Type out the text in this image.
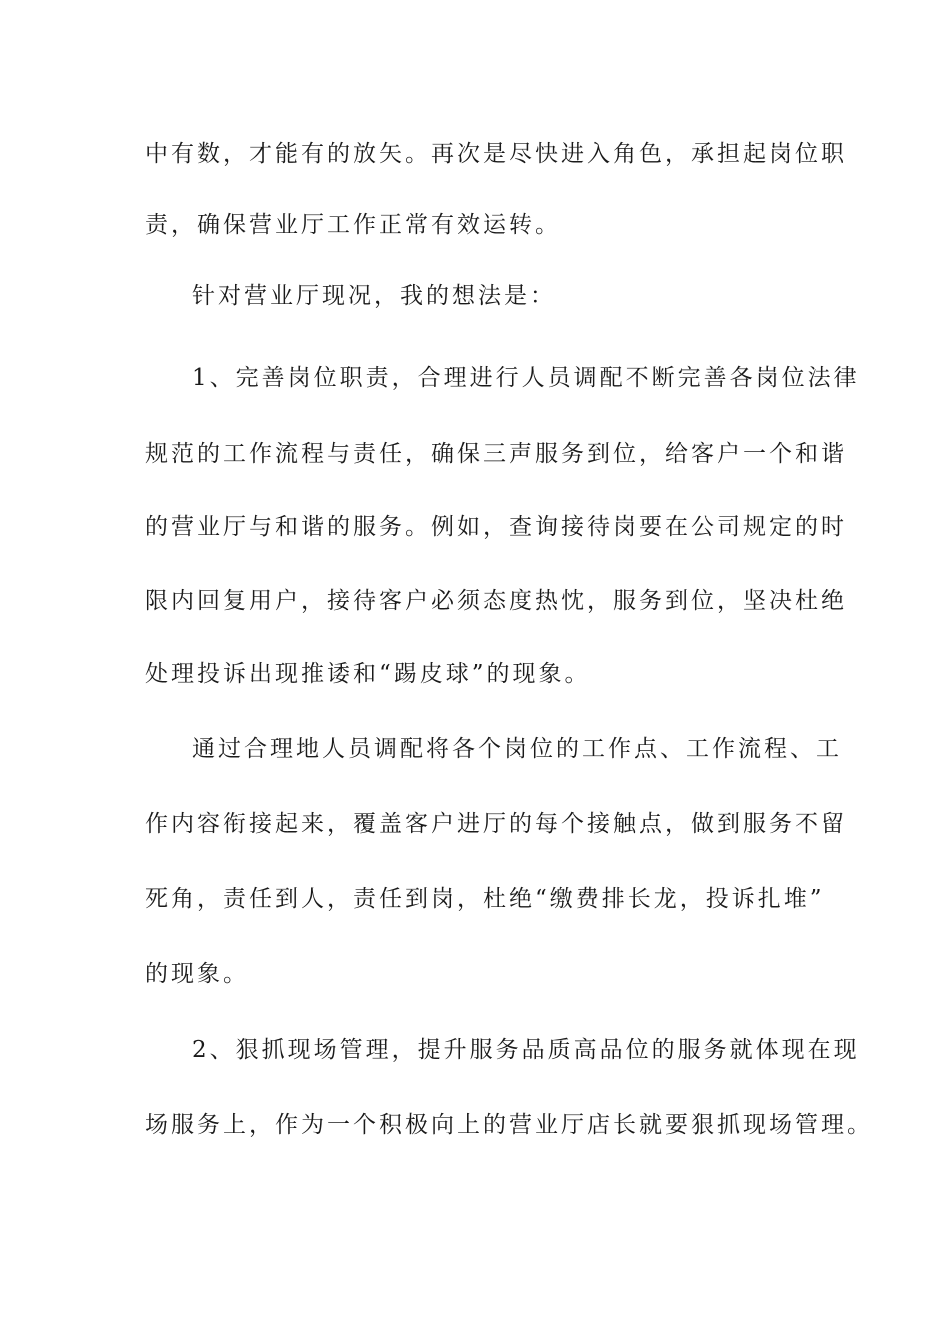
中有数，才能有的放矢。再次是尽快进入角色，承担起岗位职
责，确保营业厅工作正常有效运转。
针对营业厅现况，我的想法是：
1、完善岗位职责，合理进行人员调配不断完善各岗位法律
规范的工作流程与责任，确保三声服务到位，给客户一个和谐
的营业厅与和谐的服务。例如，查询接待岗要在公司规定的时
限内回复用户，接待客户必须态度热忱，服务到位，坚决杜绝
处理投诉出现推诿和“踢皮球”的现象。
通过合理地人员调配将各个岗位的工作点、工作流程、工
作内容衔接起来，覆盖客户进厅的每个接触点，做到服务不留
死角，责任到人，责任到岗，杜绝“缴费排长龙，投诉扎堆”
的现象。
2、狠抓现场管理，提升服务品质高品位的服务就体现在现
场服务上，作为一个积极向上的营业厅店长就要狠抓现场管理。
